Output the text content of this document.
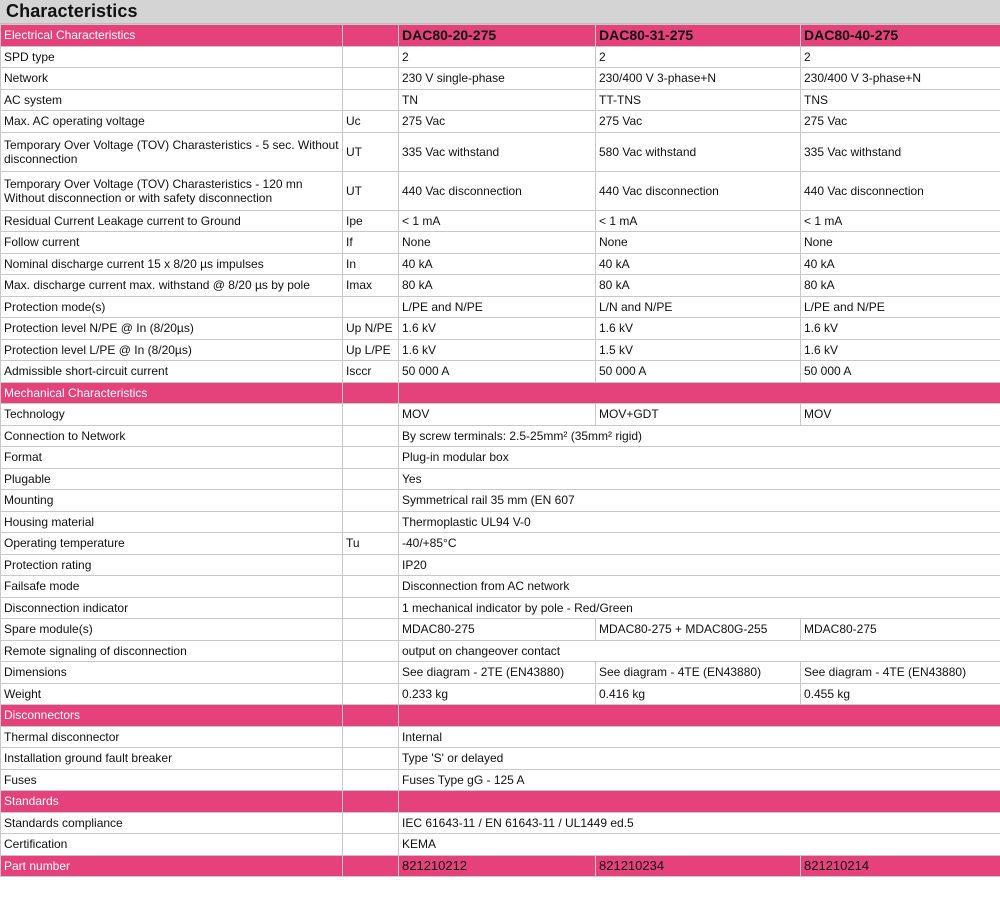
Characteristics
Electrical Characteristics		DAC80-20-275	DAC80-31-275	DAC80-40-275
SPD type		2	2	2
Network		230 V single-phase	230/400 V 3-phase+N	230/400 V 3-phase+N
AC system		TN	TT-TNS	TNS
Max. AC operating voltage	Uc	275 Vac	275 Vac	275 Vac
Temporary Over Voltage (TOV) Charasteristics - 5 sec. Without disconnection	UT	335 Vac withstand	580 Vac withstand	335 Vac withstand
Temporary Over Voltage (TOV) Charasteristics - 120 mn Without disconnection or with safety disconnection	UT	440 Vac disconnection	440 Vac disconnection	440 Vac disconnection
Residual Current Leakage current to Ground	Ipe	< 1 mA	< 1 mA	< 1 mA
Follow current	If	None	None	None
Nominal discharge current 15 x 8/20 µs impulses	In	40 kA	40 kA	40 kA
Max. discharge current max. withstand @ 8/20 µs by pole	Imax	80 kA	80 kA	80 kA
Protection mode(s)		L/PE and N/PE	L/N and N/PE	L/PE and N/PE
Protection level N/PE @ In (8/20µs)	Up N/PE	1.6 kV	1.6 kV	1.6 kV
Protection level L/PE @ In (8/20µs)	Up L/PE	1.6 kV	1.5 kV	1.6 kV
Admissible short-circuit current	Isccr	50 000 A	50 000 A	50 000 A
Mechanical Characteristics				
Technology		MOV	MOV+GDT	MOV
Connection to Network		By screw terminals: 2.5-25mm² (35mm² rigid)		
Format		Plug-in modular box		
Plugable		Yes		
Mounting		Symmetrical rail 35 mm (EN 607		
Housing material		Thermoplastic UL94 V-0		
Operating temperature	Tu	-40/+85°C		
Protection rating		IP20		
Failsafe mode		Disconnection from AC network		
Disconnection indicator		1 mechanical indicator by pole - Red/Green		
Spare module(s)		MDAC80-275	MDAC80-275 + MDAC80G-255	MDAC80-275
Remote signaling of disconnection		output on changeover contact		
Dimensions		See diagram - 2TE (EN43880)	See diagram - 4TE (EN43880)	See diagram - 4TE (EN43880)
Weight		0.233 kg	0.416 kg	0.455 kg
Disconnectors				
Thermal disconnector		Internal		
Installation ground fault breaker		Type 'S' or delayed		
Fuses		Fuses Type gG - 125 A		
Standards				
Standards compliance		IEC 61643-11 / EN 61643-11 / UL1449 ed.5		
Certification		KEMA		
Part number		821210212	821210234	821210214
